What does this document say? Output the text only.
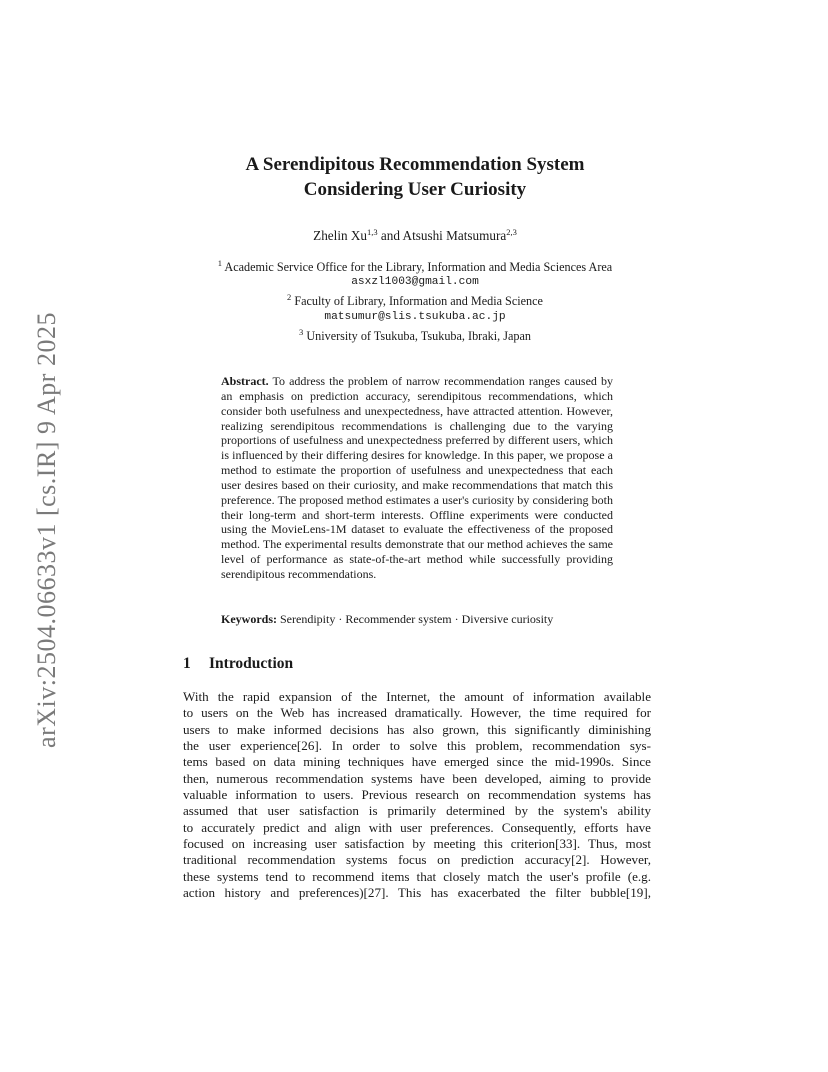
arXiv:2504.06633v1 [cs.IR] 9 Apr 2025
A Serendipitous Recommendation System
Considering User Curiosity
Zhelin Xu$^{1,3}$ and Atsushi Matsumura$^{2,3}$
$^1$ Academic Service Office for the Library, Information and Media Sciences Area
asxzl1003@gmail.com
$^2$ Faculty of Library, Information and Media Science
matsumur@slis.tsukuba.ac.jp
$^3$ University of Tsukuba, Tsukuba, Ibraki, Japan
Abstract. To address the problem of narrow recommendation ranges caused by an emphasis on prediction accuracy, serendipitous recommendations, which consider both usefulness and unexpectedness, have attracted attention. However, realizing serendipitous recommendations is challenging due to the varying proportions of usefulness and unexpectedness preferred by different users, which is influenced by their differing desires for knowledge. In this paper, we propose a method to estimate the proportion of usefulness and unexpectedness that each user desires based on their curiosity, and make recommendations that match this preference. The proposed method estimates a user's curiosity by considering both their long-term and short-term interests. Offline experiments were conducted using the MovieLens-1M dataset to evaluate the effectiveness of the proposed method. The experimental results demonstrate that our method achieves the same level of performance as state-of-the-art method while successfully providing serendipitous recommendations.
Keywords: Serendipity · Recommender system · Diversive curiosity
1 Introduction
With the rapid expansion of the Internet, the amount of information available
to users on the Web has increased dramatically. However, the time required for
users to make informed decisions has also grown, this significantly diminishing
the user experience[26]. In order to solve this problem, recommendation sys-
tems based on data mining techniques have emerged since the mid-1990s. Since
then, numerous recommendation systems have been developed, aiming to provide
valuable information to users. Previous research on recommendation systems has
assumed that user satisfaction is primarily determined by the system's ability
to accurately predict and align with user preferences. Consequently, efforts have
focused on increasing user satisfaction by meeting this criterion[33]. Thus, most
traditional recommendation systems focus on prediction accuracy[2]. However,
these systems tend to recommend items that closely match the user's profile (e.g.
action history and preferences)[27]. This has exacerbated the filter bubble[19],
